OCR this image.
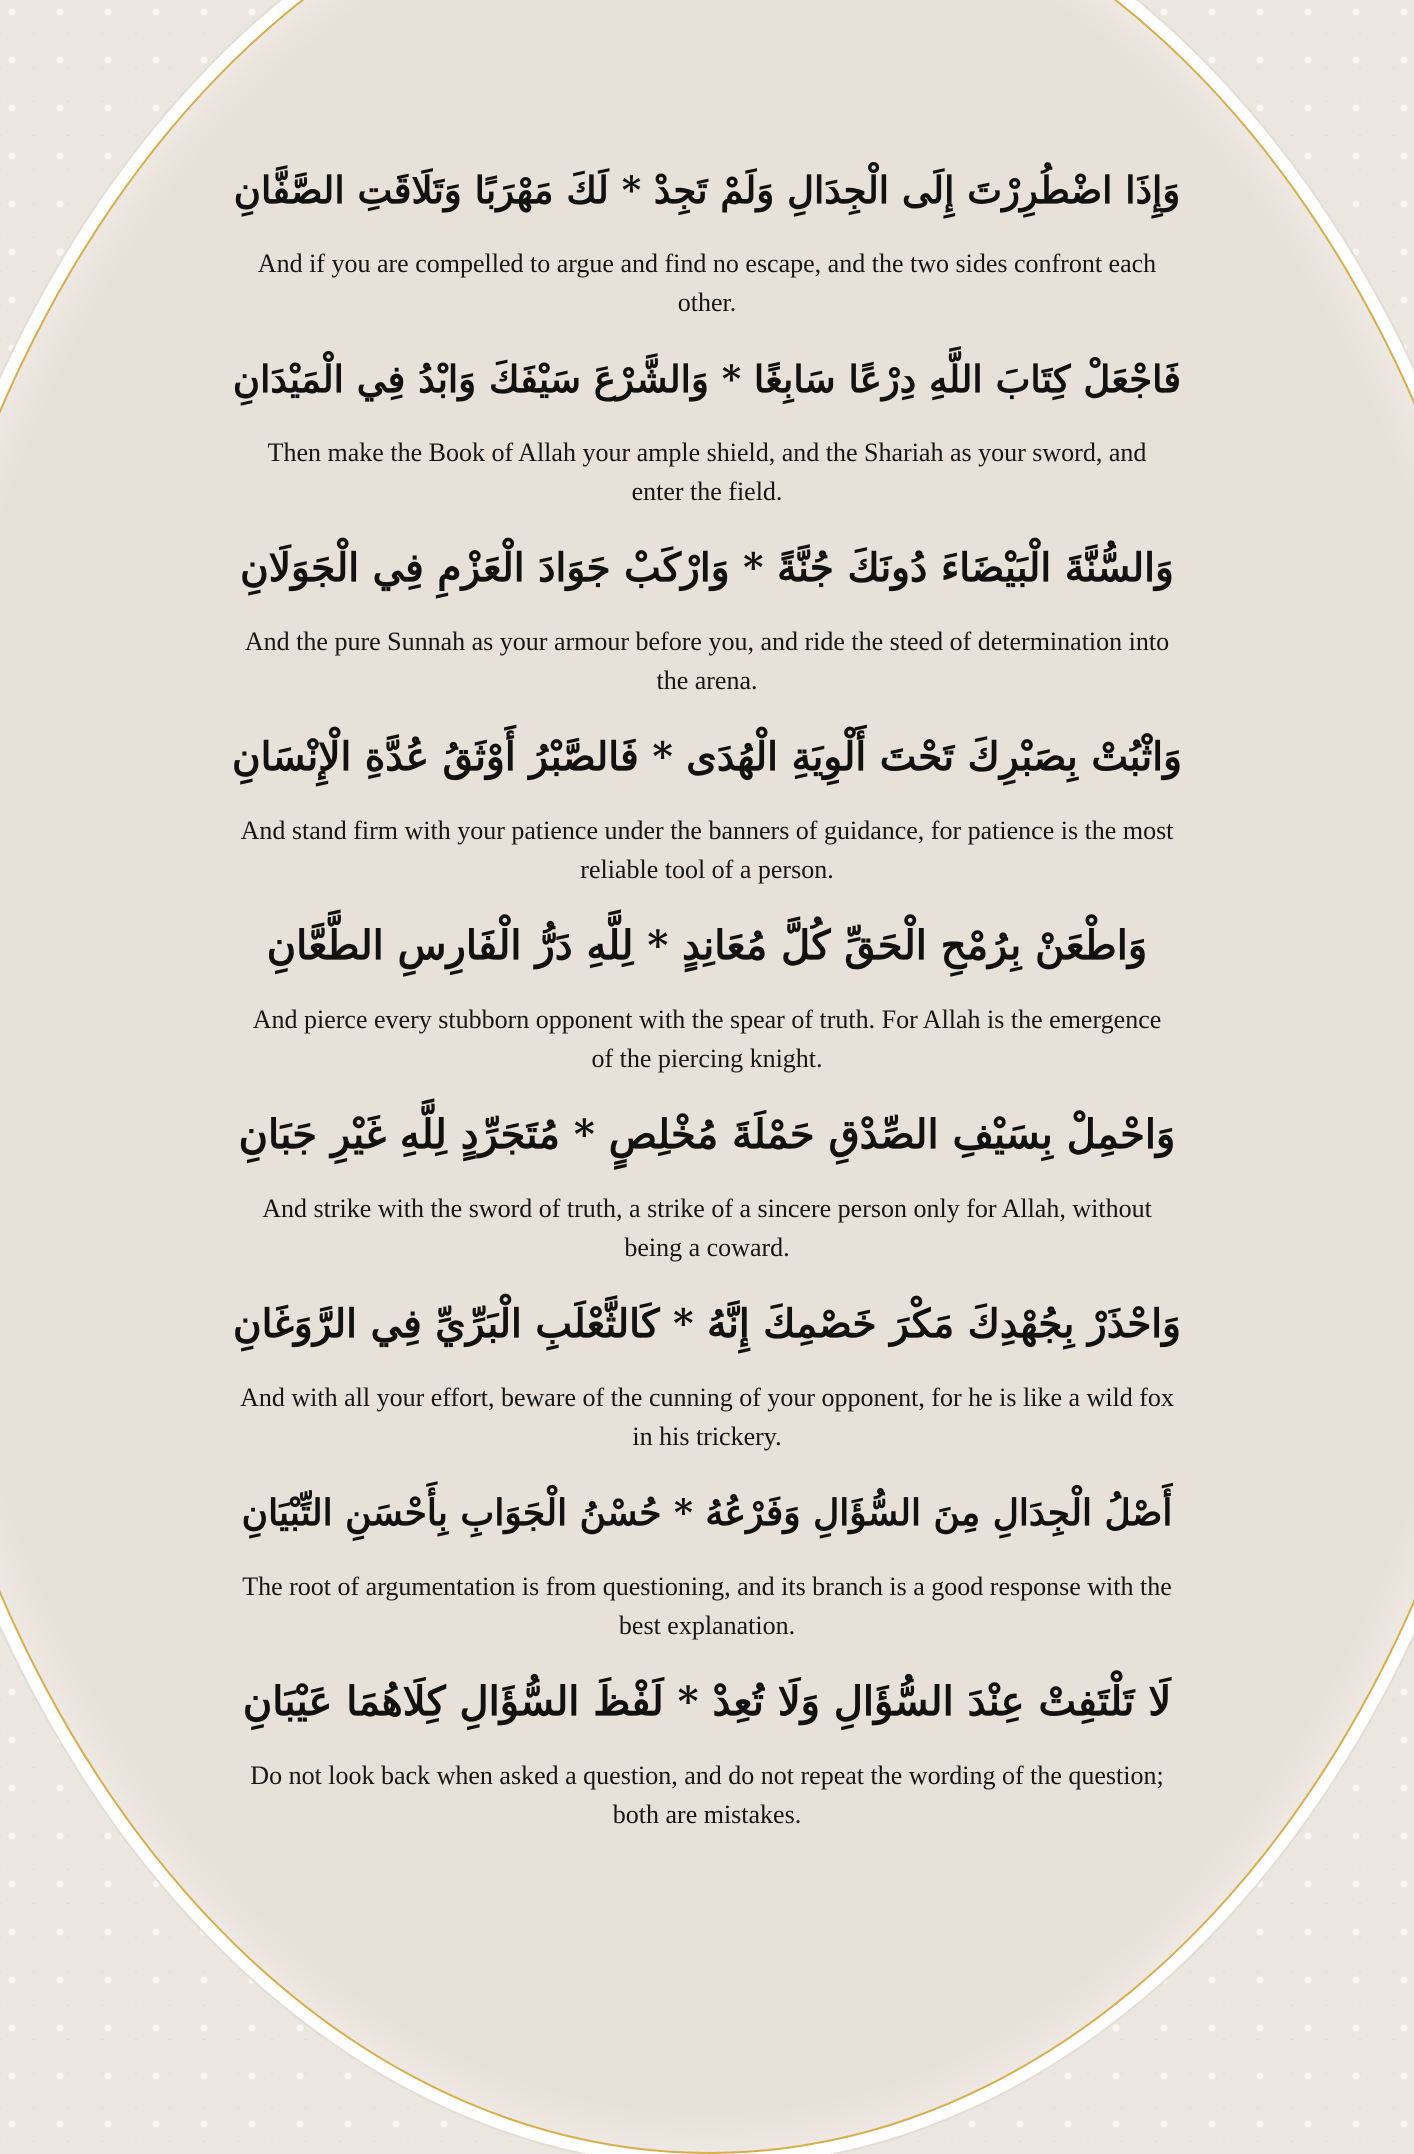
وَإِذَا اضْطُرِرْتَ إِلَى الْجِدَالِ وَلَمْ تَجِدْ * لَكَ مَهْرَبًا وَتَلَاقَتِ الصَّفَّانِ

And if you are compelled to argue and find no escape, and the two sides confront each other.

فَاجْعَلْ كِتَابَ اللَّهِ دِرْعًا سَابِغًا * وَالشَّرْعَ سَيْفَكَ وَابْدُ فِي الْمَيْدَانِ

Then make the Book of Allah your ample shield, and the Shariah as your sword, and enter the field.

وَالسُّنَّةَ الْبَيْضَاءَ دُونَكَ جُنَّةً * وَارْكَبْ جَوَادَ الْعَزْمِ فِي الْجَوَلَانِ

And the pure Sunnah as your armour before you, and ride the steed of determination into the arena.

وَاثْبُتْ بِصَبْرِكَ تَحْتَ أَلْوِيَةِ الْهُدَى * فَالصَّبْرُ أَوْثَقُ عُدَّةِ الْإِنْسَانِ

And stand firm with your patience under the banners of guidance, for patience is the most reliable tool of a person.

وَاطْعَنْ بِرُمْحِ الْحَقِّ كُلَّ مُعَانِدٍ * لِلَّهِ دَرُّ الْفَارِسِ الطَّعَّانِ

And pierce every stubborn opponent with the spear of truth. For Allah is the emergence of the piercing knight.

وَاحْمِلْ بِسَيْفِ الصِّدْقِ حَمْلَةَ مُخْلِصٍ * مُتَجَرِّدٍ لِلَّهِ غَيْرِ جَبَانِ

And strike with the sword of truth, a strike of a sincere person only for Allah, without being a coward.

وَاحْذَرْ بِجُهْدِكَ مَكْرَ خَصْمِكَ إِنَّهُ * كَالثَّعْلَبِ الْبَرِّيِّ فِي الرَّوَغَانِ

And with all your effort, beware of the cunning of your opponent, for he is like a wild fox in his trickery.

أَصْلُ الْجِدَالِ مِنَ السُّؤَالِ وَفَرْعُهُ * حُسْنُ الْجَوَابِ بِأَحْسَنِ التِّبْيَانِ

The root of argumentation is from questioning, and its branch is a good response with the best explanation.

لَا تَلْتَفِتْ عِنْدَ السُّؤَالِ وَلَا تُعِدْ * لَفْظَ السُّؤَالِ كِلَاهُمَا عَيْبَانِ

Do not look back when asked a question, and do not repeat the wording of the question; both are mistakes.
